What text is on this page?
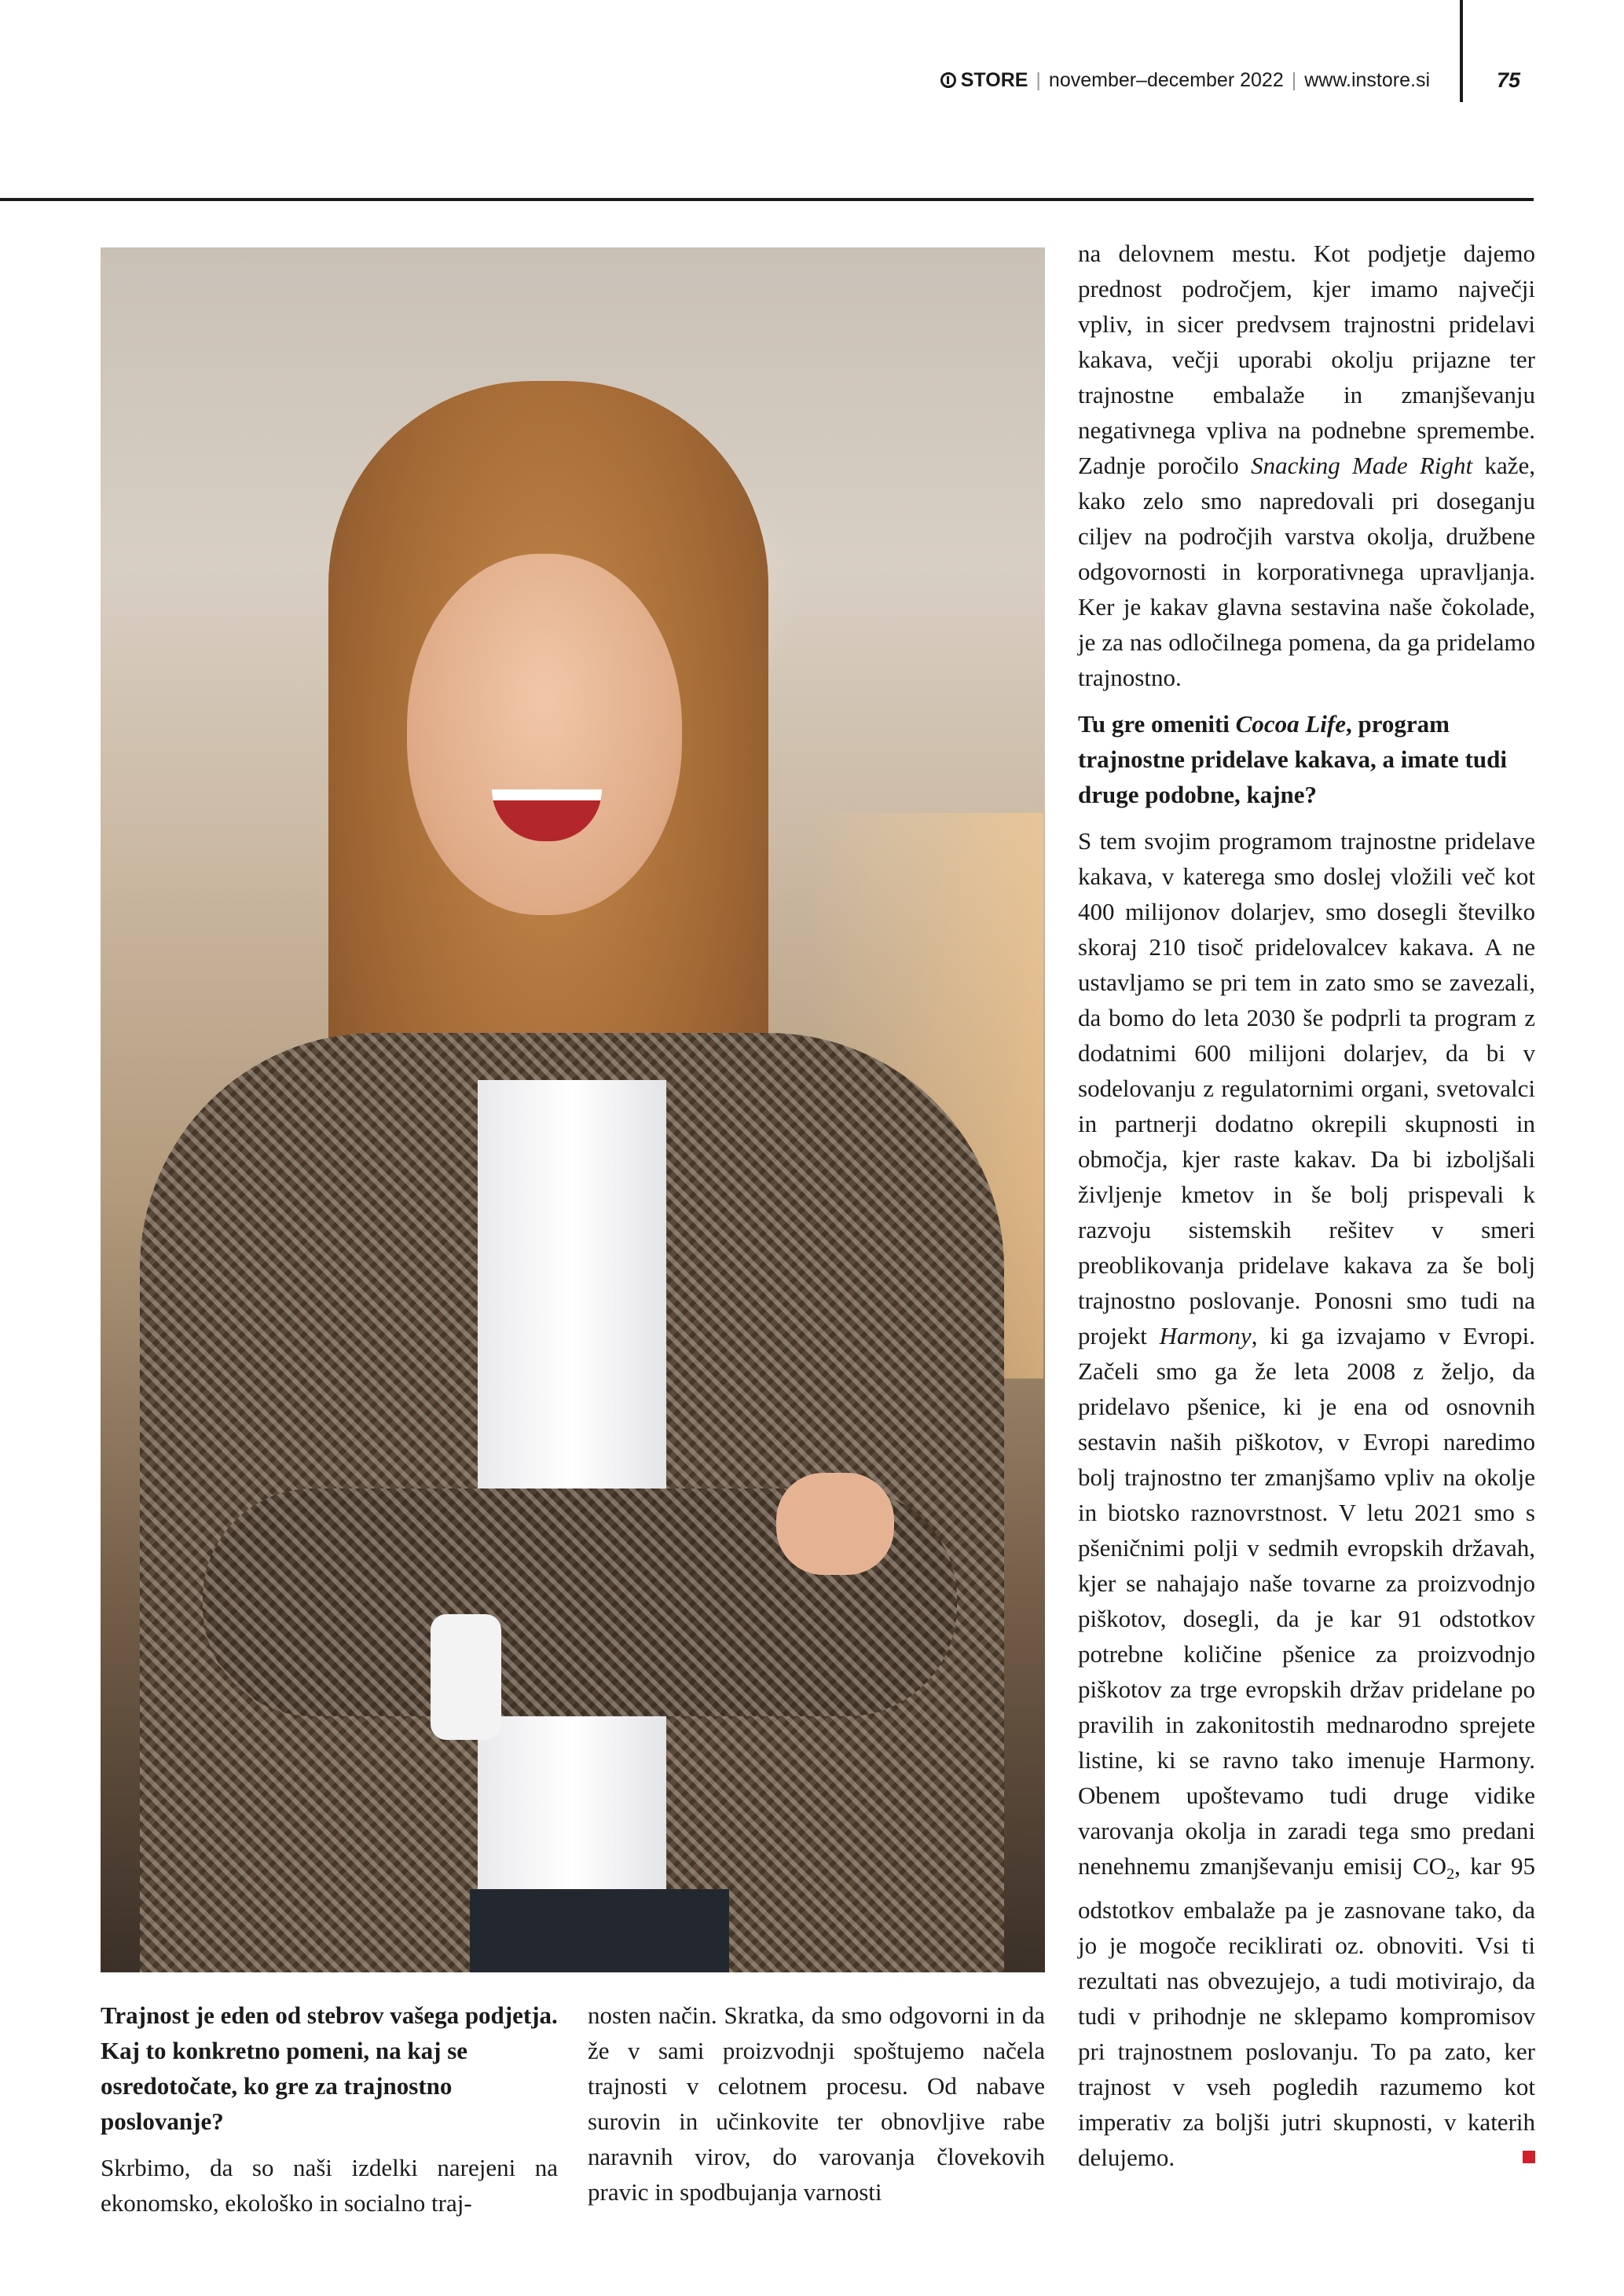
STORE | november–december 2022 | www.instore.si	75

na delovnem mestu. Kot podjetje dajemo prednost področjem, kjer imamo največji vpliv, in sicer predvsem trajnostni pridelavi kakava, večji uporabi okolju prijazne ter trajnostne embalaže in zmanjševanju negativnega vpliva na podnebne spremembe. Zadnje poročilo Snacking Made Right kaže, kako zelo smo napredovali pri doseganju ciljev na področjih varstva okolja, družbene odgovornosti in korporativnega upravljanja. Ker je kakav glavna sestavina naše čokolade, je za nas odločilnega pomena, da ga pridelamo trajnostno.

Tu gre omeniti Cocoa Life, program trajnostne pridelave kakava, a imate tudi druge podobne, kajne?

S tem svojim programom trajnostne pridelave kakava, v katerega smo doslej vložili več kot 400 milijonov dolarjev, smo dosegli številko skoraj 210 tisoč pridelovalcev kakava. A ne ustavljamo se pri tem in zato smo se zavezali, da bomo do leta 2030 še podprli ta program z dodatnimi 600 milijoni dolarjev, da bi v sodelovanju z regulatornimi organi, svetovalci in partnerji dodatno okrepili skupnosti in območja, kjer raste kakav. Da bi izboljšali življenje kmetov in še bolj prispevali k razvoju sistemskih rešitev v smeri preoblikovanja pridelave kakava za še bolj trajnostno poslovanje. Ponosni smo tudi na projekt Harmony, ki ga izvajamo v Evropi. Začeli smo ga že leta 2008 z željo, da pridelavo pšenice, ki je ena od osnovnih sestavin naših piškotov, v Evropi naredimo bolj trajnostno ter zmanjšamo vpliv na okolje in biotsko raznovrstnost. V letu 2021 smo s pšeničnimi polji v sedmih evropskih državah, kjer se nahajajo naše tovarne za proizvodnjo piškotov, dosegli, da je kar 91 odstotkov potrebne količine pšenice za proizvodnjo piškotov za trge evropskih držav pridelane po pravilih in zakonitostih mednarodno sprejete listine, ki se ravno tako imenuje Harmony. Obenem upoštevamo tudi druge vidike varovanja okolja in zaradi tega smo predani nenehnemu zmanjševanju emisij $CO_2$, kar 95 odstotkov embalaže pa je zasnovane tako, da jo je mogoče reciklirati oz. obnoviti. Vsi ti rezultati nas obvezujejo, a tudi motivirajo, da tudi v prihodnje ne sklepamo kompromisov pri trajnostnem poslovanju. To pa zato, ker trajnost v vseh pogledih razumemo kot imperativ za boljši jutri skupnosti, v katerih delujemo.

Trajnost je eden od stebrov vašega podjetja. Kaj to konkretno pomeni, na kaj se osredotočate, ko gre za trajnostno poslovanje?

Skrbimo, da so naši izdelki narejeni na ekonomsko, ekološko in socialno traj-

nosten način. Skratka, da smo odgovorni in da že v sami proizvodnji spoštujemo načela trajnosti v celotnem procesu. Od nabave surovin in učinkovite ter obnovljive rabe naravnih virov, do varovanja človekovih pravic in spodbujanja varnosti
